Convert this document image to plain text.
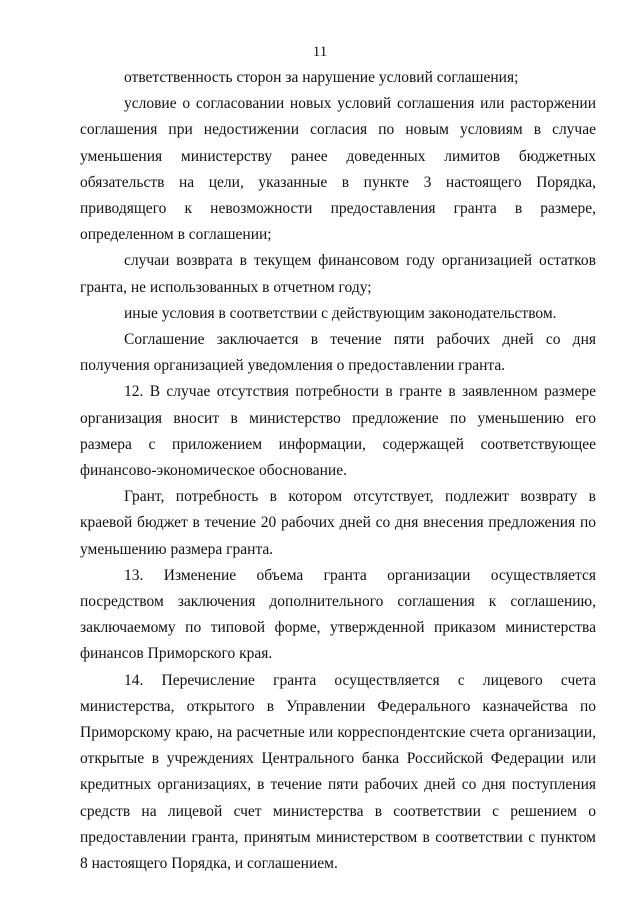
11

ответственность сторон за нарушение условий соглашения;

условие о согласовании новых условий соглашения или расторжении соглашения при недостижении согласия по новым условиям в случае уменьшения министерству ранее доведенных лимитов бюджетных обязательств на цели, указанные в пункте 3 настоящего Порядка, приводящего к невозможности предоставления гранта в размере, определенном в соглашении;

случаи возврата в текущем финансовом году организацией остатков гранта, не использованных в отчетном году;

иные условия в соответствии с действующим законодательством.

Соглашение заключается в течение пяти рабочих дней со дня получения организацией уведомления о предоставлении гранта.

12. В случае отсутствия потребности в гранте в заявленном размере организация вносит в министерство предложение по уменьшению его размера с приложением информации, содержащей соответствующее финансово-экономическое обоснование.

Грант, потребность в котором отсутствует, подлежит возврату в краевой бюджет в течение 20 рабочих дней со дня внесения предложения по уменьшению размера гранта.

13. Изменение объема гранта организации осуществляется посредством заключения дополнительного соглашения к соглашению, заключаемому по типовой форме, утвержденной приказом министерства финансов Приморского края.

14. Перечисление гранта осуществляется с лицевого счета министерства, открытого в Управлении Федерального казначейства по Приморскому краю, на расчетные или корреспондентские счета организации, открытые в учреждениях Центрального банка Российской Федерации или кредитных организациях, в течение пяти рабочих дней со дня поступления средств на лицевой счет министерства в соответствии с решением о предоставлении гранта, принятым министерством в соответствии с пунктом 8 настоящего Порядка, и соглашением.
